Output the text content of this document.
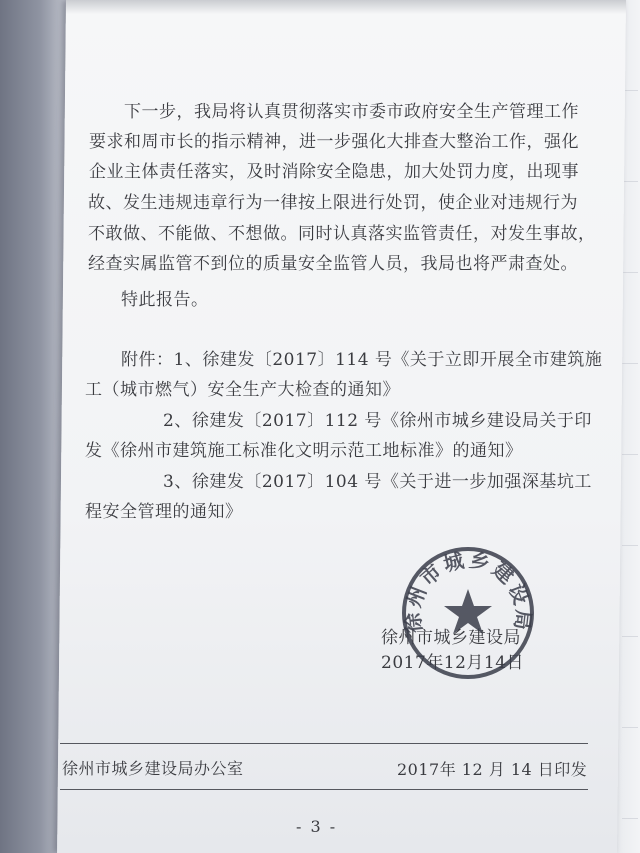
下一步，我局将认真贯彻落实市委市政府安全生产管理工作
要求和周市长的指示精神，进一步强化大排查大整治工作，强化
企业主体责任落实，及时消除安全隐患，加大处罚力度，出现事
故、发生违规违章行为一律按上限进行处罚，使企业对违规行为
不敢做、不能做、不想做。同时认真落实监管责任，对发生事故，
经查实属监管不到位的质量安全监管人员，我局也将严肃查处。
特此报告。
附件：1、徐建发〔2017〕114 号《关于立即开展全市建筑施
工（城市燃气）安全生产大检查的通知》
2、徐建发〔2017〕112 号《徐州市城乡建设局关于印
发《徐州市建筑施工标准化文明示范工地标准》的通知》
3、徐建发〔2017〕104 号《关于进一步加强深基坑工
程安全管理的通知》
徐州市城乡建设局
2017年12月14日
徐州市城乡建设局
徐州市城乡建设局办公室	2017年 12 月 14 日印发
- 3 -
